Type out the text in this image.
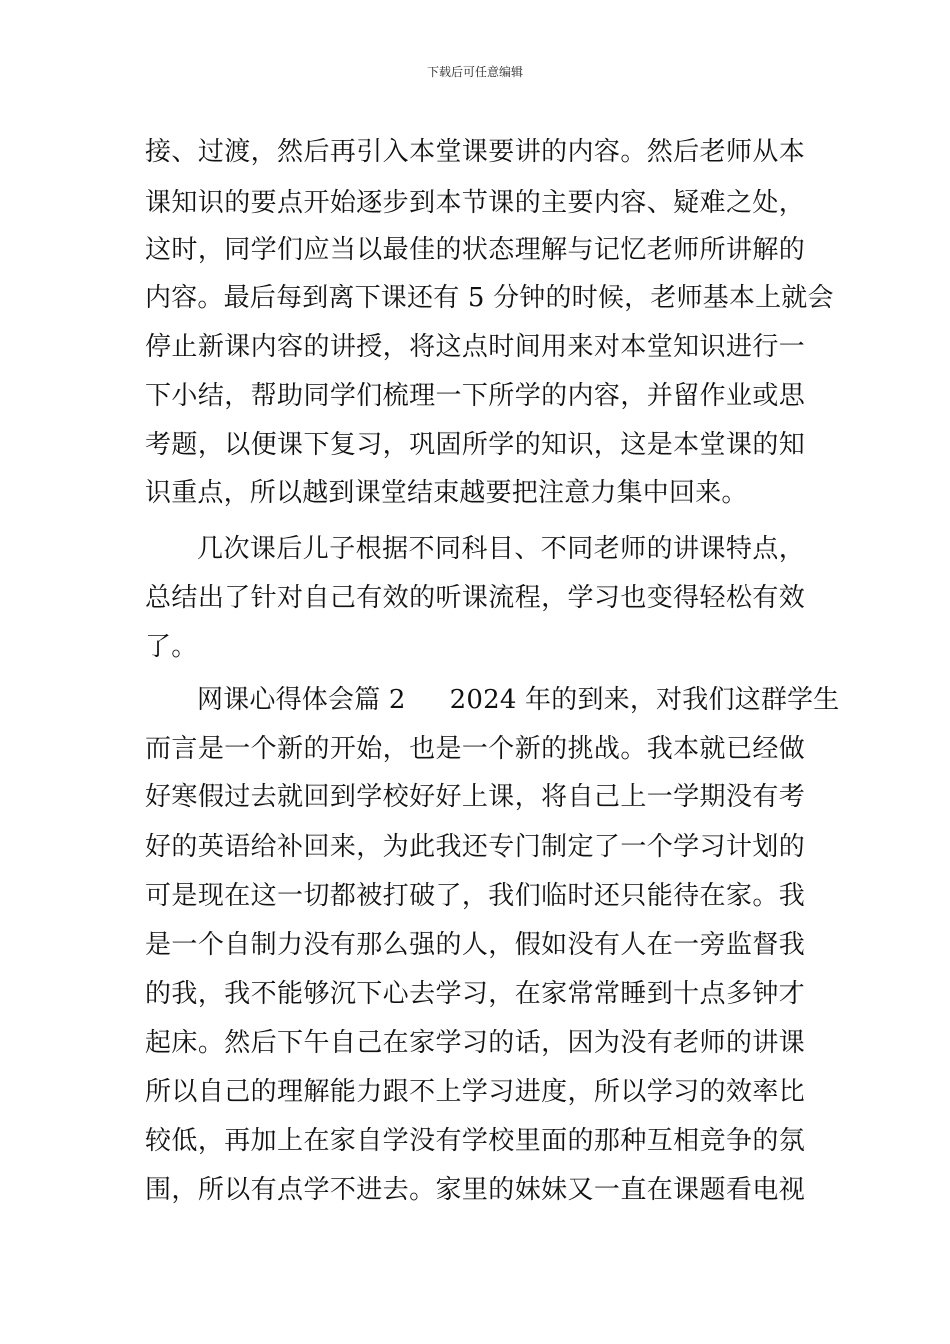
下载后可任意编辑
接、过渡，然后再引入本堂课要讲的内容。然后老师从本
课知识的要点开始逐步到本节课的主要内容、疑难之处，
这时，同学们应当以最佳的状态理解与记忆老师所讲解的
内容。最后每到离下课还有 5 分钟的时候，老师基本上就会
停止新课内容的讲授，将这点时间用来对本堂知识进行一
下小结，帮助同学们梳理一下所学的内容，并留作业或思
考题，以便课下复习，巩固所学的知识，这是本堂课的知
识重点，所以越到课堂结束越要把注意力集中回来。
几次课后儿子根据不同科目、不同老师的讲课特点，
总结出了针对自己有效的听课流程，学习也变得轻松有效
了。
网课心得体会篇 2 2024 年的到来，对我们这群学生
而言是一个新的开始，也是一个新的挑战。我本就已经做
好寒假过去就回到学校好好上课，将自己上一学期没有考
好的英语给补回来，为此我还专门制定了一个学习计划的
可是现在这一切都被打破了，我们临时还只能待在家。我
是一个自制力没有那么强的人，假如没有人在一旁监督我
的我，我不能够沉下心去学习，在家常常睡到十点多钟才
起床。然后下午自己在家学习的话，因为没有老师的讲课
所以自己的理解能力跟不上学习进度，所以学习的效率比
较低，再加上在家自学没有学校里面的那种互相竞争的氛
围，所以有点学不进去。家里的妹妹又一直在课题看电视
